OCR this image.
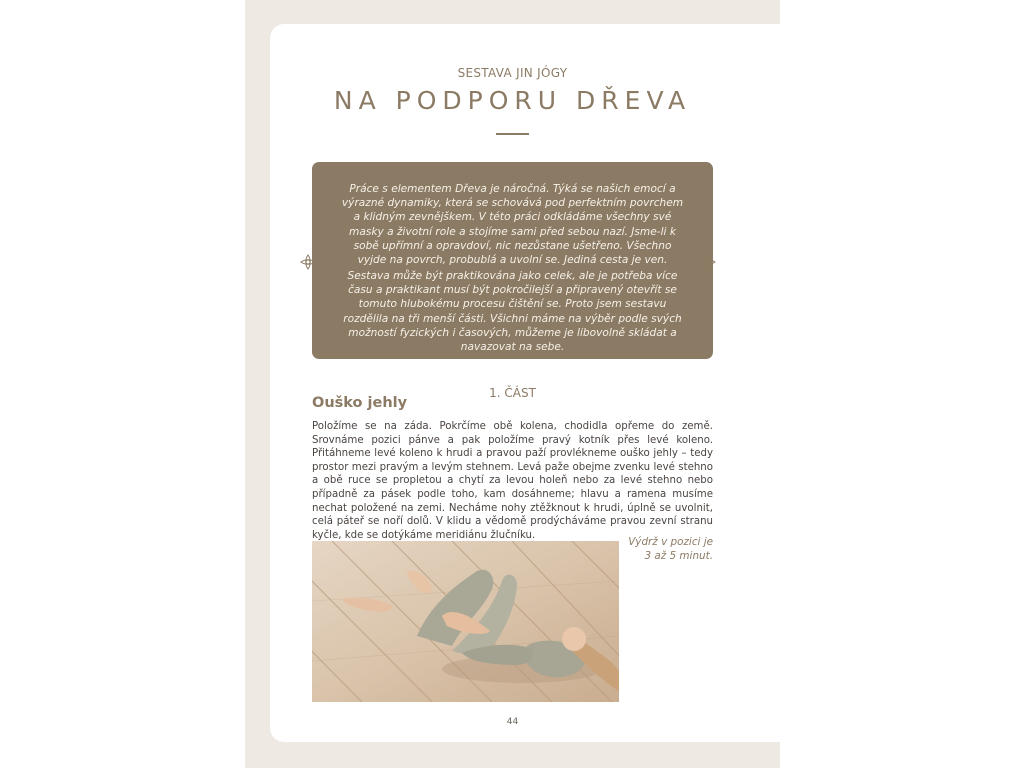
SESTAVA JIN JÓGY
NA PODPORU DŘEVA

Práce s elementem Dřeva je náročná. Týká se našich emocí a výrazné dynamiky, která se schovává pod perfektním povrchem a klidným zevnějškem. V této práci odkládáme všechny své masky a životní role a stojíme sami před sebou nazí. Jsme-li k sobě upřímní a opravdoví, nic nezůstane ušetřeno. Všechno vyjde na povrch, probublá a uvolní se. Jediná cesta je ven.

Sestava může být praktikována jako celek, ale je potřeba více času a praktikant musí být pokročilejší a připravený otevřít se tomuto hlubokému procesu čištění se. Proto jsem sestavu rozdělila na tři menší části. Všichni máme na výběr podle svých možností fyzických i časových, můžeme je libovolně skládat a navazovat na sebe.

1. ČÁST
Ouško jehly

Položíme se na záda. Pokrčíme obě kolena, chodidla opřeme do země. Srovnáme pozici pánve a pak položíme pravý kotník přes levé koleno. Přitáhneme levé koleno k hrudi a pravou paží provlékneme ouško jehly – tedy prostor mezi pravým a levým stehnem. Levá paže obejme zvenku levé stehno a obě ruce se propletou a chytí za levou holeň nebo za levé stehno nebo případně za pásek podle toho, kam dosáhneme; hlavu a ramena musíme nechat položené na zemi. Necháme nohy ztěžknout k hrudi, úplně se uvolnit, celá páteř se noří dolů. V klidu a vědomě prodýcháváme pravou zevní stranu kyčle, kde se dotýkáme meridiánu žlučníku.

Výdrž v pozici je 3 až 5 minut.

44
